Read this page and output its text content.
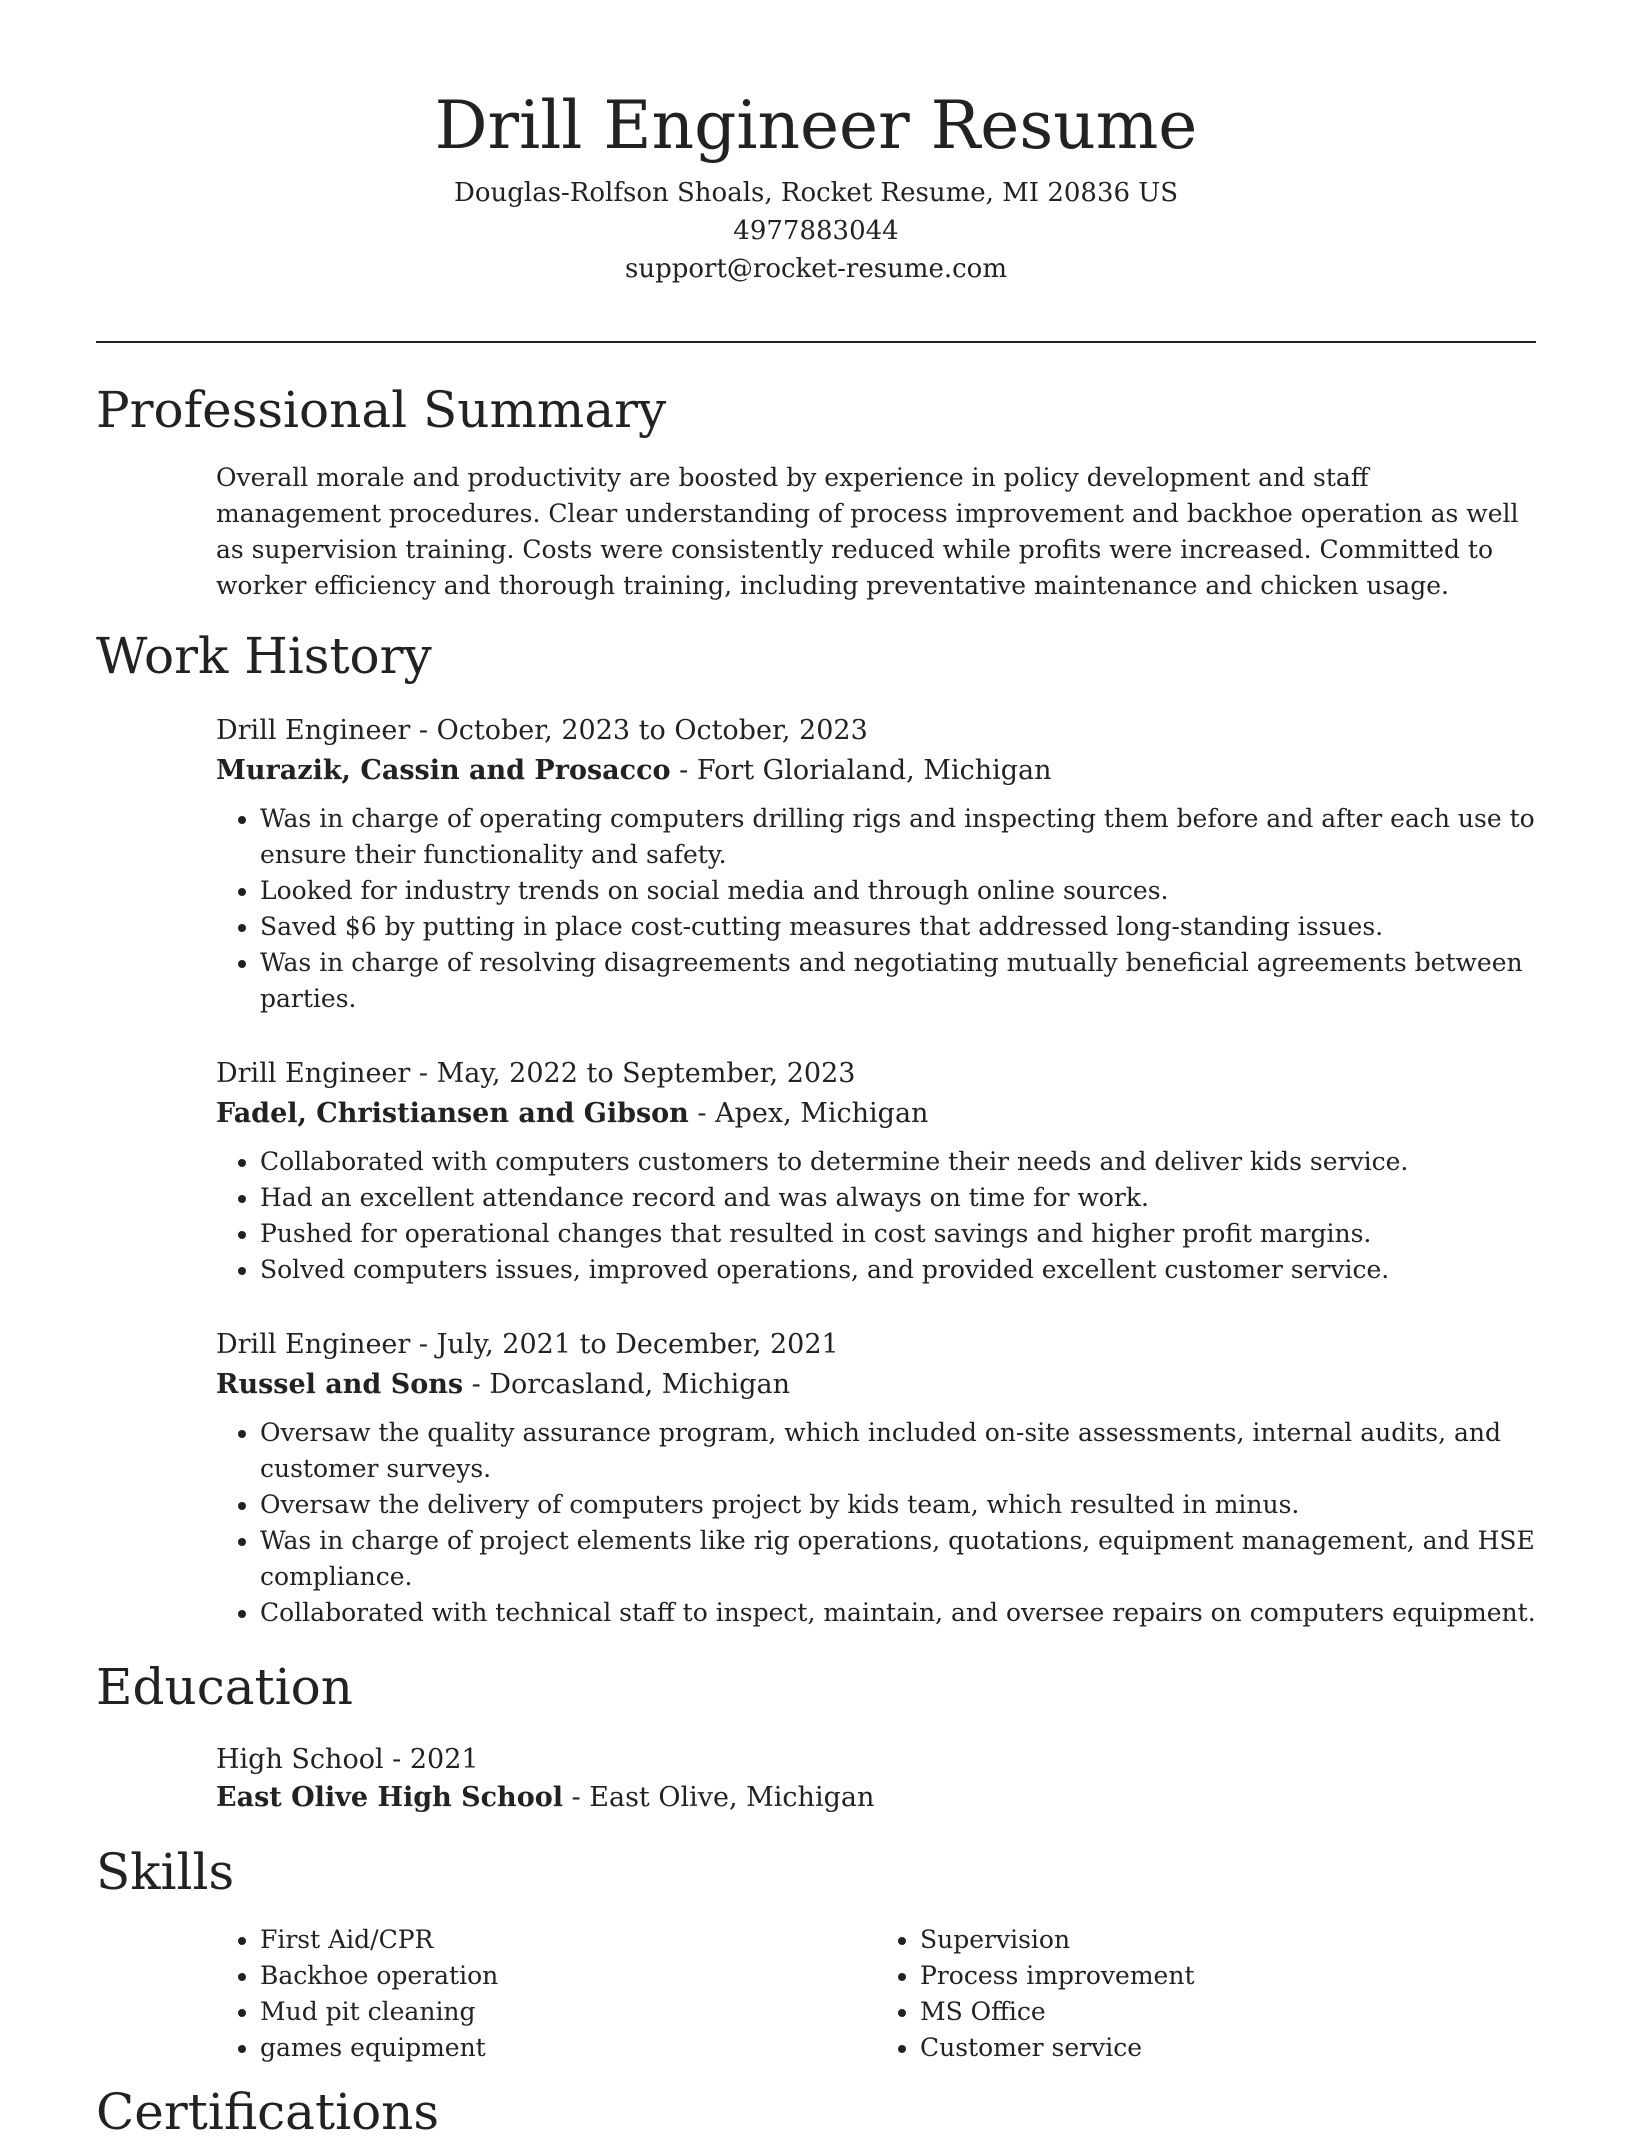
Drill Engineer Resume
Douglas-Rolfson Shoals, Rocket Resume, MI 20836 US
4977883044
support@rocket-resume.com
Professional Summary
Overall morale and productivity are boosted by experience in policy development and staff management procedures. Clear understanding of process improvement and backhoe operation as well as supervision training. Costs were consistently reduced while profits were increased. Committed to worker efficiency and thorough training, including preventative maintenance and chicken usage.
Work History
Drill Engineer - October, 2023 to October, 2023
Murazik, Cassin and Prosacco - Fort Glorialand, Michigan
• Was in charge of operating computers drilling rigs and inspecting them before and after each use to ensure their functionality and safety.
• Looked for industry trends on social media and through online sources.
• Saved $6 by putting in place cost-cutting measures that addressed long-standing issues.
• Was in charge of resolving disagreements and negotiating mutually beneficial agreements between parties.
Drill Engineer - May, 2022 to September, 2023
Fadel, Christiansen and Gibson - Apex, Michigan
• Collaborated with computers customers to determine their needs and deliver kids service.
• Had an excellent attendance record and was always on time for work.
• Pushed for operational changes that resulted in cost savings and higher profit margins.
• Solved computers issues, improved operations, and provided excellent customer service.
Drill Engineer - July, 2021 to December, 2021
Russel and Sons - Dorcasland, Michigan
• Oversaw the quality assurance program, which included on-site assessments, internal audits, and customer surveys.
• Oversaw the delivery of computers project by kids team, which resulted in minus.
• Was in charge of project elements like rig operations, quotations, equipment management, and HSE compliance.
• Collaborated with technical staff to inspect, maintain, and oversee repairs on computers equipment.
Education
High School - 2021
East Olive High School - East Olive, Michigan
Skills
• First Aid/CPR
• Backhoe operation
• Mud pit cleaning
• games equipment
• Supervision
• Process improvement
• MS Office
• Customer service
Certifications
